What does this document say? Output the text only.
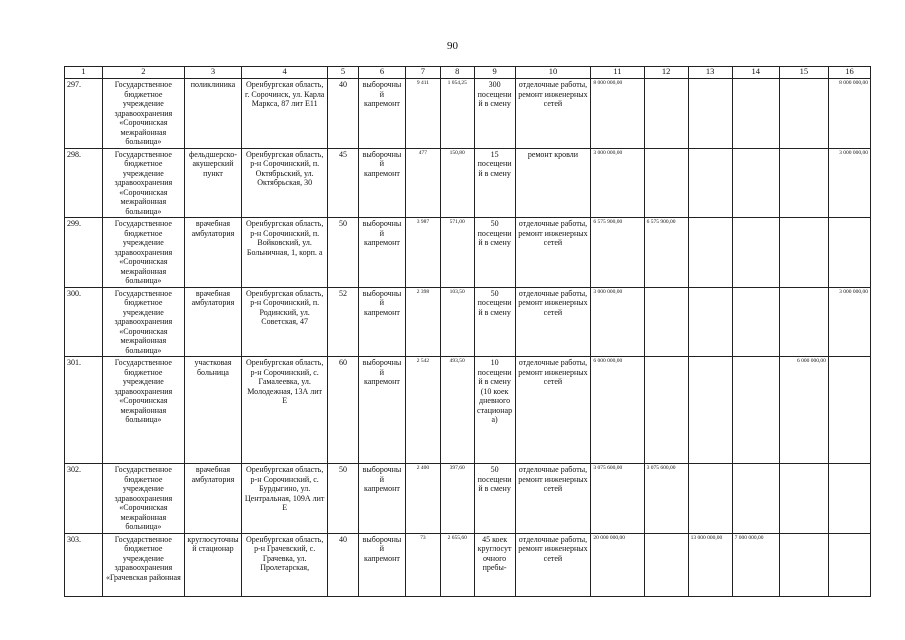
90
1	2	3	4	5	6	7	8	9	10	11	12	13	14	15	16
297.	Государственное бюджетное учреждение здравоохранения «Сорочинская межрайонная больница»	поликлиника	Оренбургская область, г. Сорочинск, ул. Карла Маркса, 87 лит Е11	40	выборочный капремонт	9 411	1 054,25	300 посещений в смену	отделочные работы, ремонт инженерных сетей	8 000 000,00					8 000 000,00
298.	Государственное бюджетное учреждение здравоохранения «Сорочинская межрайонная больница»	фельдшерско-акушерский пункт	Оренбургская область, р-н Сорочинский, п. Октябрьский, ул. Октябрьская, 30	45	выборочный капремонт	477	150,80	15 посещений в смену	ремонт кровли	3 000 000,00					3 000 000,00
299.	Государственное бюджетное учреждение здравоохранения «Сорочинская межрайонная больница»	врачебная амбулатория	Оренбургская область, р-н Сорочинский, п. Войковский, ул. Больничная, 1, корп. а	50	выборочный капремонт	3 987	571,00	50 посещений в смену	отделочные работы, ремонт инженерных сетей	6 575 900,00	6 575 900,00				
300.	Государственное бюджетное учреждение здравоохранения «Сорочинская межрайонная больница»	врачебная амбулатория	Оренбургская область, р-н Сорочинский, п. Родинский, ул. Советская, 47	52	выборочный капремонт	2 398	103,50	50 посещений в смену	отделочные работы, ремонт инженерных сетей	3 000 000,00					3 000 000,00
301.	Государственное бюджетное учреждение здравоохранения «Сорочинская межрайонная больница»	участковая больница	Оренбургская область, р-н Сорочинский, с. Гамалеевка, ул. Молодежная, 13А лит Е	60	выборочный капремонт	2 542	493,50	10 посещений в смену (10 коек дневного стационара)	отделочные работы, ремонт инженерных сетей	6 000 000,00				6 000 000,00	
302.	Государственное бюджетное учреждение здравоохранения «Сорочинская межрайонная больница»	врачебная амбулатория	Оренбургская область, р-н Сорочинский, с. Бурдыгино, ул. Центральная, 109А лит Е	50	выборочный капремонт	2 400	397,60	50 посещений в смену	отделочные работы, ремонт инженерных сетей	3 075 600,00	3 075 600,00				
303.	Государственное бюджетное учреждение здравоохранения «Грачевская районная	круглосуточный стационар	Оренбургская область, р-н Грачевский, с. Грачевка, ул. Пролетарская,	40	выборочный капремонт	73	2 655,60	45 коек круглосуточного пребы-	отделочные работы, ремонт инженерных сетей	20 000 000,00		13 000 000,00	7 000 000,00		
